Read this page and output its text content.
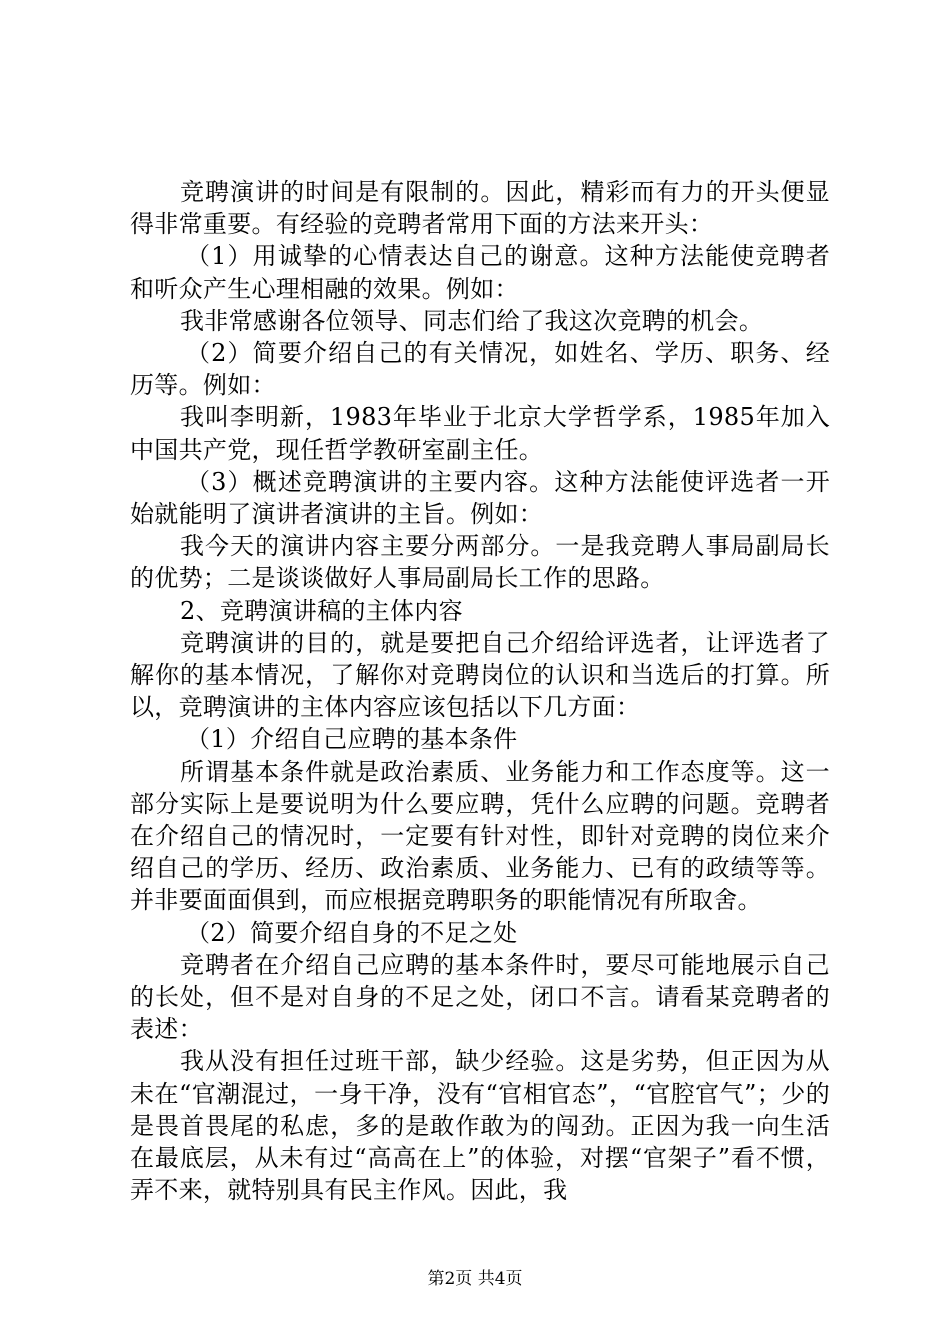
竞聘演讲的时间是有限制的。因此，精彩而有力的开头便显得非常重要。有经验的竞聘者常用下面的方法来开头：

（1）用诚挚的心情表达自己的谢意。这种方法能使竞聘者和听众产生心理相融的效果。例如：

我非常感谢各位领导、同志们给了我这次竞聘的机会。

（2）简要介绍自己的有关情况，如姓名、学历、职务、经历等。例如：

我叫李明新，1983年毕业于北京大学哲学系，1985年加入中国共产党，现任哲学教研室副主任。

（3）概述竞聘演讲的主要内容。这种方法能使评选者一开始就能明了演讲者演讲的主旨。例如：

我今天的演讲内容主要分两部分。一是我竞聘人事局副局长的优势；二是谈谈做好人事局副局长工作的思路。

2、竞聘演讲稿的主体内容

竞聘演讲的目的，就是要把自己介绍给评选者，让评选者了解你的基本情况，了解你对竞聘岗位的认识和当选后的打算。所以，竞聘演讲的主体内容应该包括以下几方面：

（1）介绍自己应聘的基本条件

所谓基本条件就是政治素质、业务能力和工作态度等。这一部分实际上是要说明为什么要应聘，凭什么应聘的问题。竞聘者在介绍自己的情况时，一定要有针对性，即针对竞聘的岗位来介绍自己的学历、经历、政治素质、业务能力、已有的政绩等等。并非要面面俱到，而应根据竞聘职务的职能情况有所取舍。

（2）简要介绍自身的不足之处

竞聘者在介绍自己应聘的基本条件时，要尽可能地展示自己的长处，但不是对自身的不足之处，闭口不言。请看某竞聘者的表述：

我从没有担任过班干部，缺少经验。这是劣势，但正因为从未在“官潮混过，一身干净，没有“官相官态”，“官腔官气”；少的是畏首畏尾的私虑，多的是敢作敢为的闯劲。正因为我一向生活在最底层，从未有过“高高在上”的体验，对摆“官架子”看不惯，弄不来，就特别具有民主作风。因此，我

第2页 共4页
